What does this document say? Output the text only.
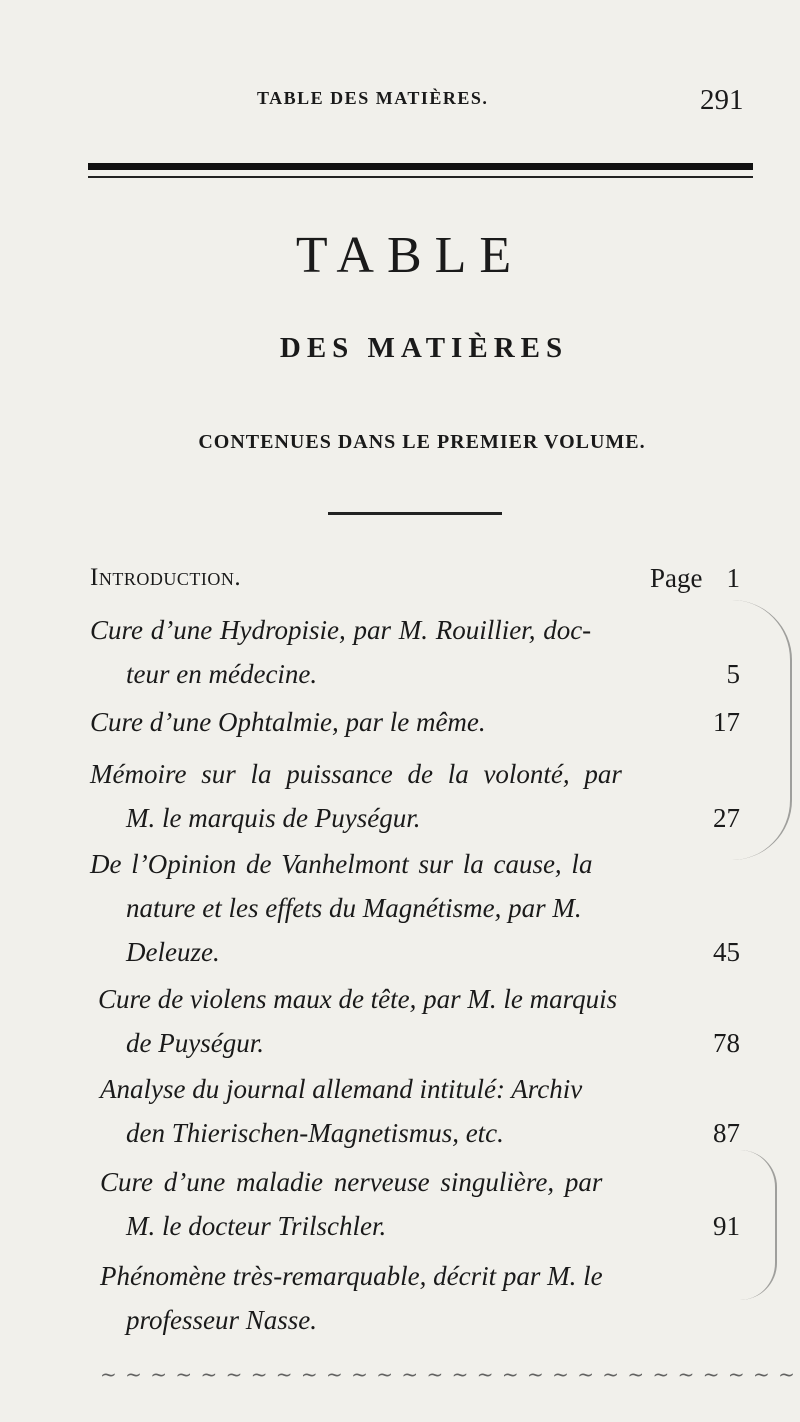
TABLE DES MATIÈRES.	291
TABLE
DES MATIÈRES
CONTENUES DANS LE PREMIER VOLUME.
Introduction.	Page 1
Cure d’une Hydropisie, par M. Rouillier, doc-
teur en médecine.	5
Cure d’une Ophtalmie, par le même.	17
Mémoire sur la puissance de la volonté, par
M. le marquis de Puységur.	27
De l’Opinion de Vanhelmont sur la cause, la
nature et les effets du Magnétisme, par M.
Deleuze.	45
Cure de violens maux de tête, par M. le marquis
de Puységur.	78
Analyse du journal allemand intitulé: Archiv
den Thierischen-Magnetismus, etc.	87
Cure d’une maladie nerveuse singulière, par
M. le docteur Trilschler.	91
Phénomène très-remarquable, décrit par M. le
professeur Nasse.
~ ~ ~ ~ ~ ~ ~ ~ ~ ~ ~ ~ ~ ~ ~ ~ ~ ~ ~ ~ ~ ~ ~ ~ ~ ~ ~ ~
